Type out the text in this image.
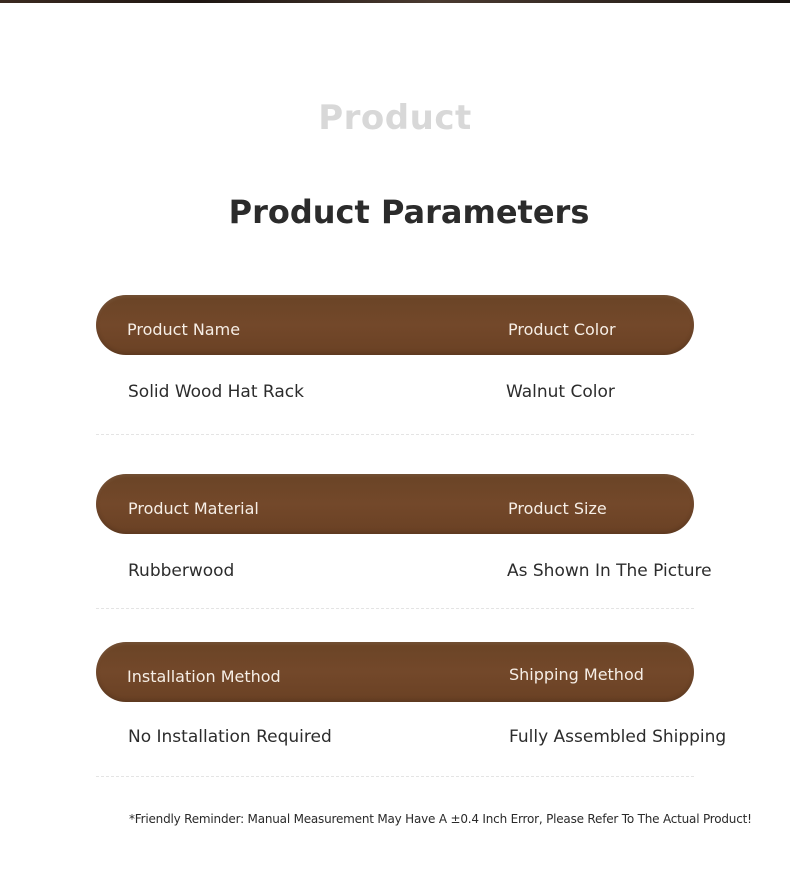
Product
Product Parameters
Product Name	Product Color
Solid Wood Hat Rack	Walnut Color
Product Material	Product Size
Rubberwood	As Shown In The Picture
Installation Method	Shipping Method
No Installation Required	Fully Assembled Shipping
*Friendly Reminder: Manual Measurement May Have A ±0.4 Inch Error, Please Refer To The Actual Product!
